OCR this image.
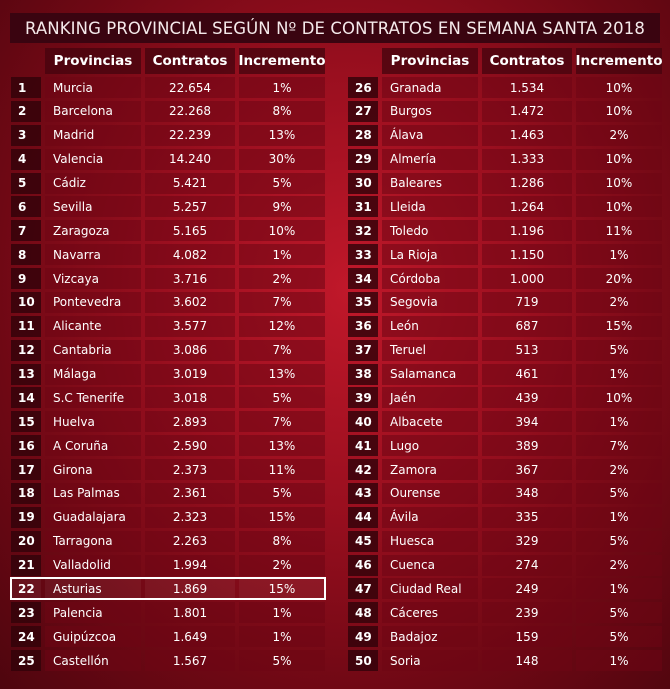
RANKING PROVINCIAL SEGÚN Nº DE CONTRATOS EN SEMANA SANTA 2018
Provincias	Contratos Incremento
1	Murcia	22.654	1%
2	Barcelona	22.268	8%
3	Madrid	22.239	13%
4	Valencia	14.240	30%
5	Cádiz	5.421	5%
6	Sevilla	5.257	9%
7	Zaragoza	5.165	10%
8	Navarra	4.082	1%
9	Vizcaya	3.716	2%
10	Pontevedra	3.602	7%
11	Alicante	3.577	12%
12	Cantabria	3.086	7%
13	Málaga	3.019	13%
14	S.C Tenerife	3.018	5%
15	Huelva	2.893	7%
16	A Coruña	2.590	13%
17	Girona	2.373	11%
18	Las Palmas	2.361	5%
19	Guadalajara	2.323	15%
20	Tarragona	2.263	8%
21	Valladolid	1.994	2%
22	Asturias	1.869	15%
23	Palencia	1.801	1%
24	Guipúzcoa	1.649	1%
25	Castellón	1.567	5%
Provincias	Contratos Incremento
26	Granada	1.534	10%
27	Burgos	1.472	10%
28	Álava	1.463	2%
29	Almería	1.333	10%
30	Baleares	1.286	10%
31	Lleida	1.264	10%
32	Toledo	1.196	11%
33	La Rioja	1.150	1%
34	Córdoba	1.000	20%
35	Segovia	719	2%
36	León	687	15%
37	Teruel	513	5%
38	Salamanca	461	1%
39	Jaén	439	10%
40	Albacete	394	1%
41	Lugo	389	7%
42	Zamora	367	2%
43	Ourense	348	5%
44	Ávila	335	1%
45	Huesca	329	5%
46	Cuenca	274	2%
47	Ciudad Real	249	1%
48	Cáceres	239	5%
49	Badajoz	159	5%
50	Soria	148	1%
